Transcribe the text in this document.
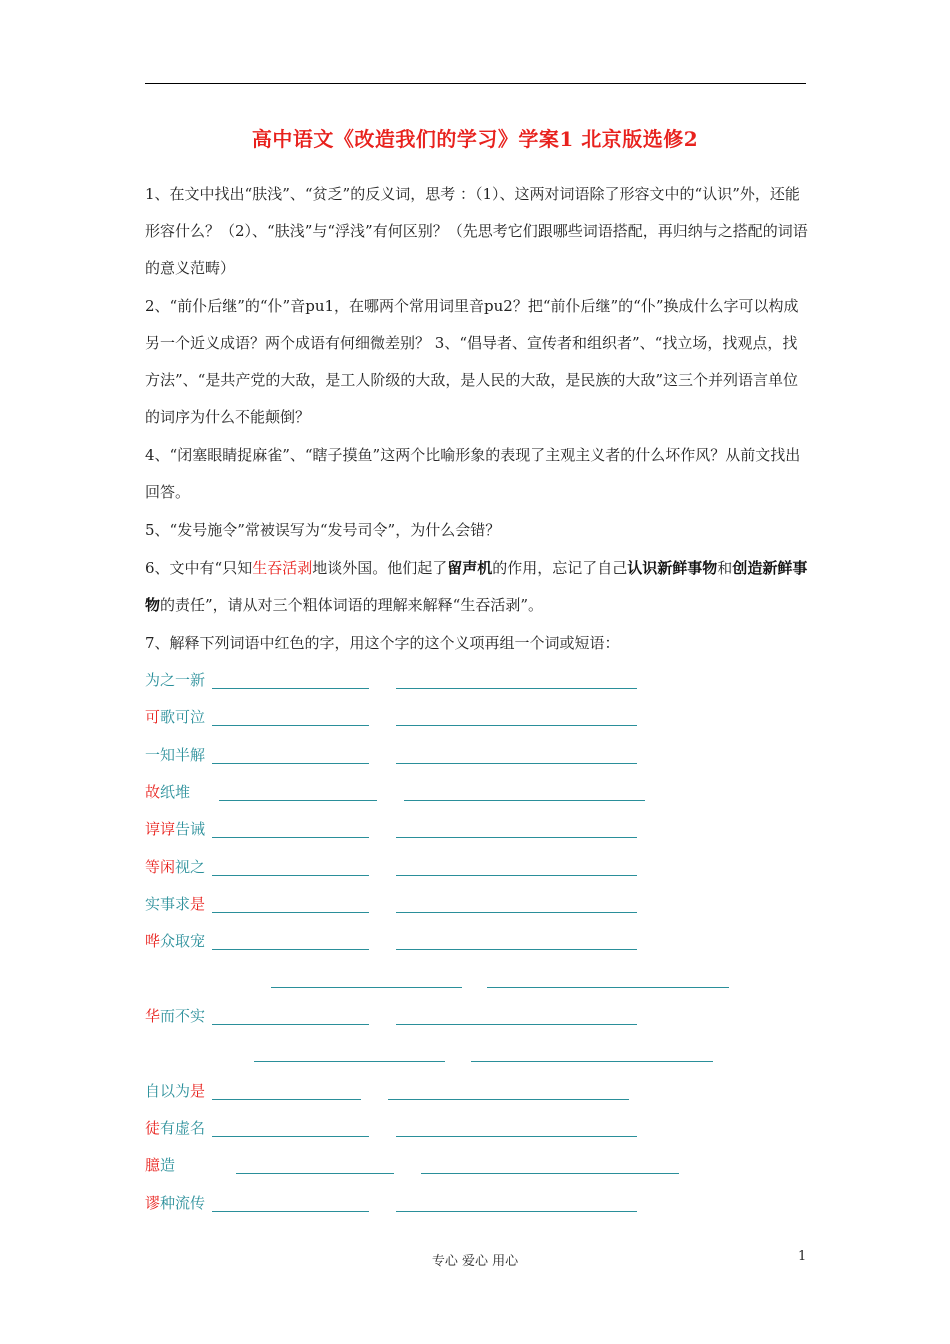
高中语文《改造我们的学习》学案1 北京版选修2
1、在文中找出“肤浅”、“贫乏”的反义词，思考 ：（1）、这两对词语除了形容文中的“认识”外，还能形容什么？（2）、“肤浅”与“浮浅”有何区别？（先思考它们跟哪些词语搭配，再归纳与之搭配的词语的意义范畴）
2、“前仆后继”的“仆”音pu1，在哪两个常用词里音pu2？把“前仆后继”的“仆”换成什么字可以构成另一个近义成语？两个成语有何细微差别？ 3、“倡导者、宣传者和组织者”、“找立场，找观点，找方法”、“是共产党的大敌，是工人阶级的大敌，是人民的大敌，是民族的大敌”这三个并列语言单位的词序为什么不能颠倒？
4、“闭塞眼睛捉麻雀”、“瞎子摸鱼”这两个比喻形象的表现了主观主义者的什么坏作风？从前文找出回答。
5、“发号施令”常被误写为“发号司令”，为什么会错？
6、文中有“只知生吞活剥地谈外国。他们起了留声机的作用，忘记了自己认识新鲜事物和创造新鲜事物的责任”，请从对三个粗体词语的理解来解释“生吞活剥”。
7、解释下列词语中红色的字，用这个字的这个义项再组一个词或短语：
为之一新
可歌可泣
一知半解
故纸堆
谆谆告诫
等闲视之
实事求是
哗众取宠
华而不实
自以为是
徒有虚名
臆造
谬种流传
专心 爱心 用心	1
